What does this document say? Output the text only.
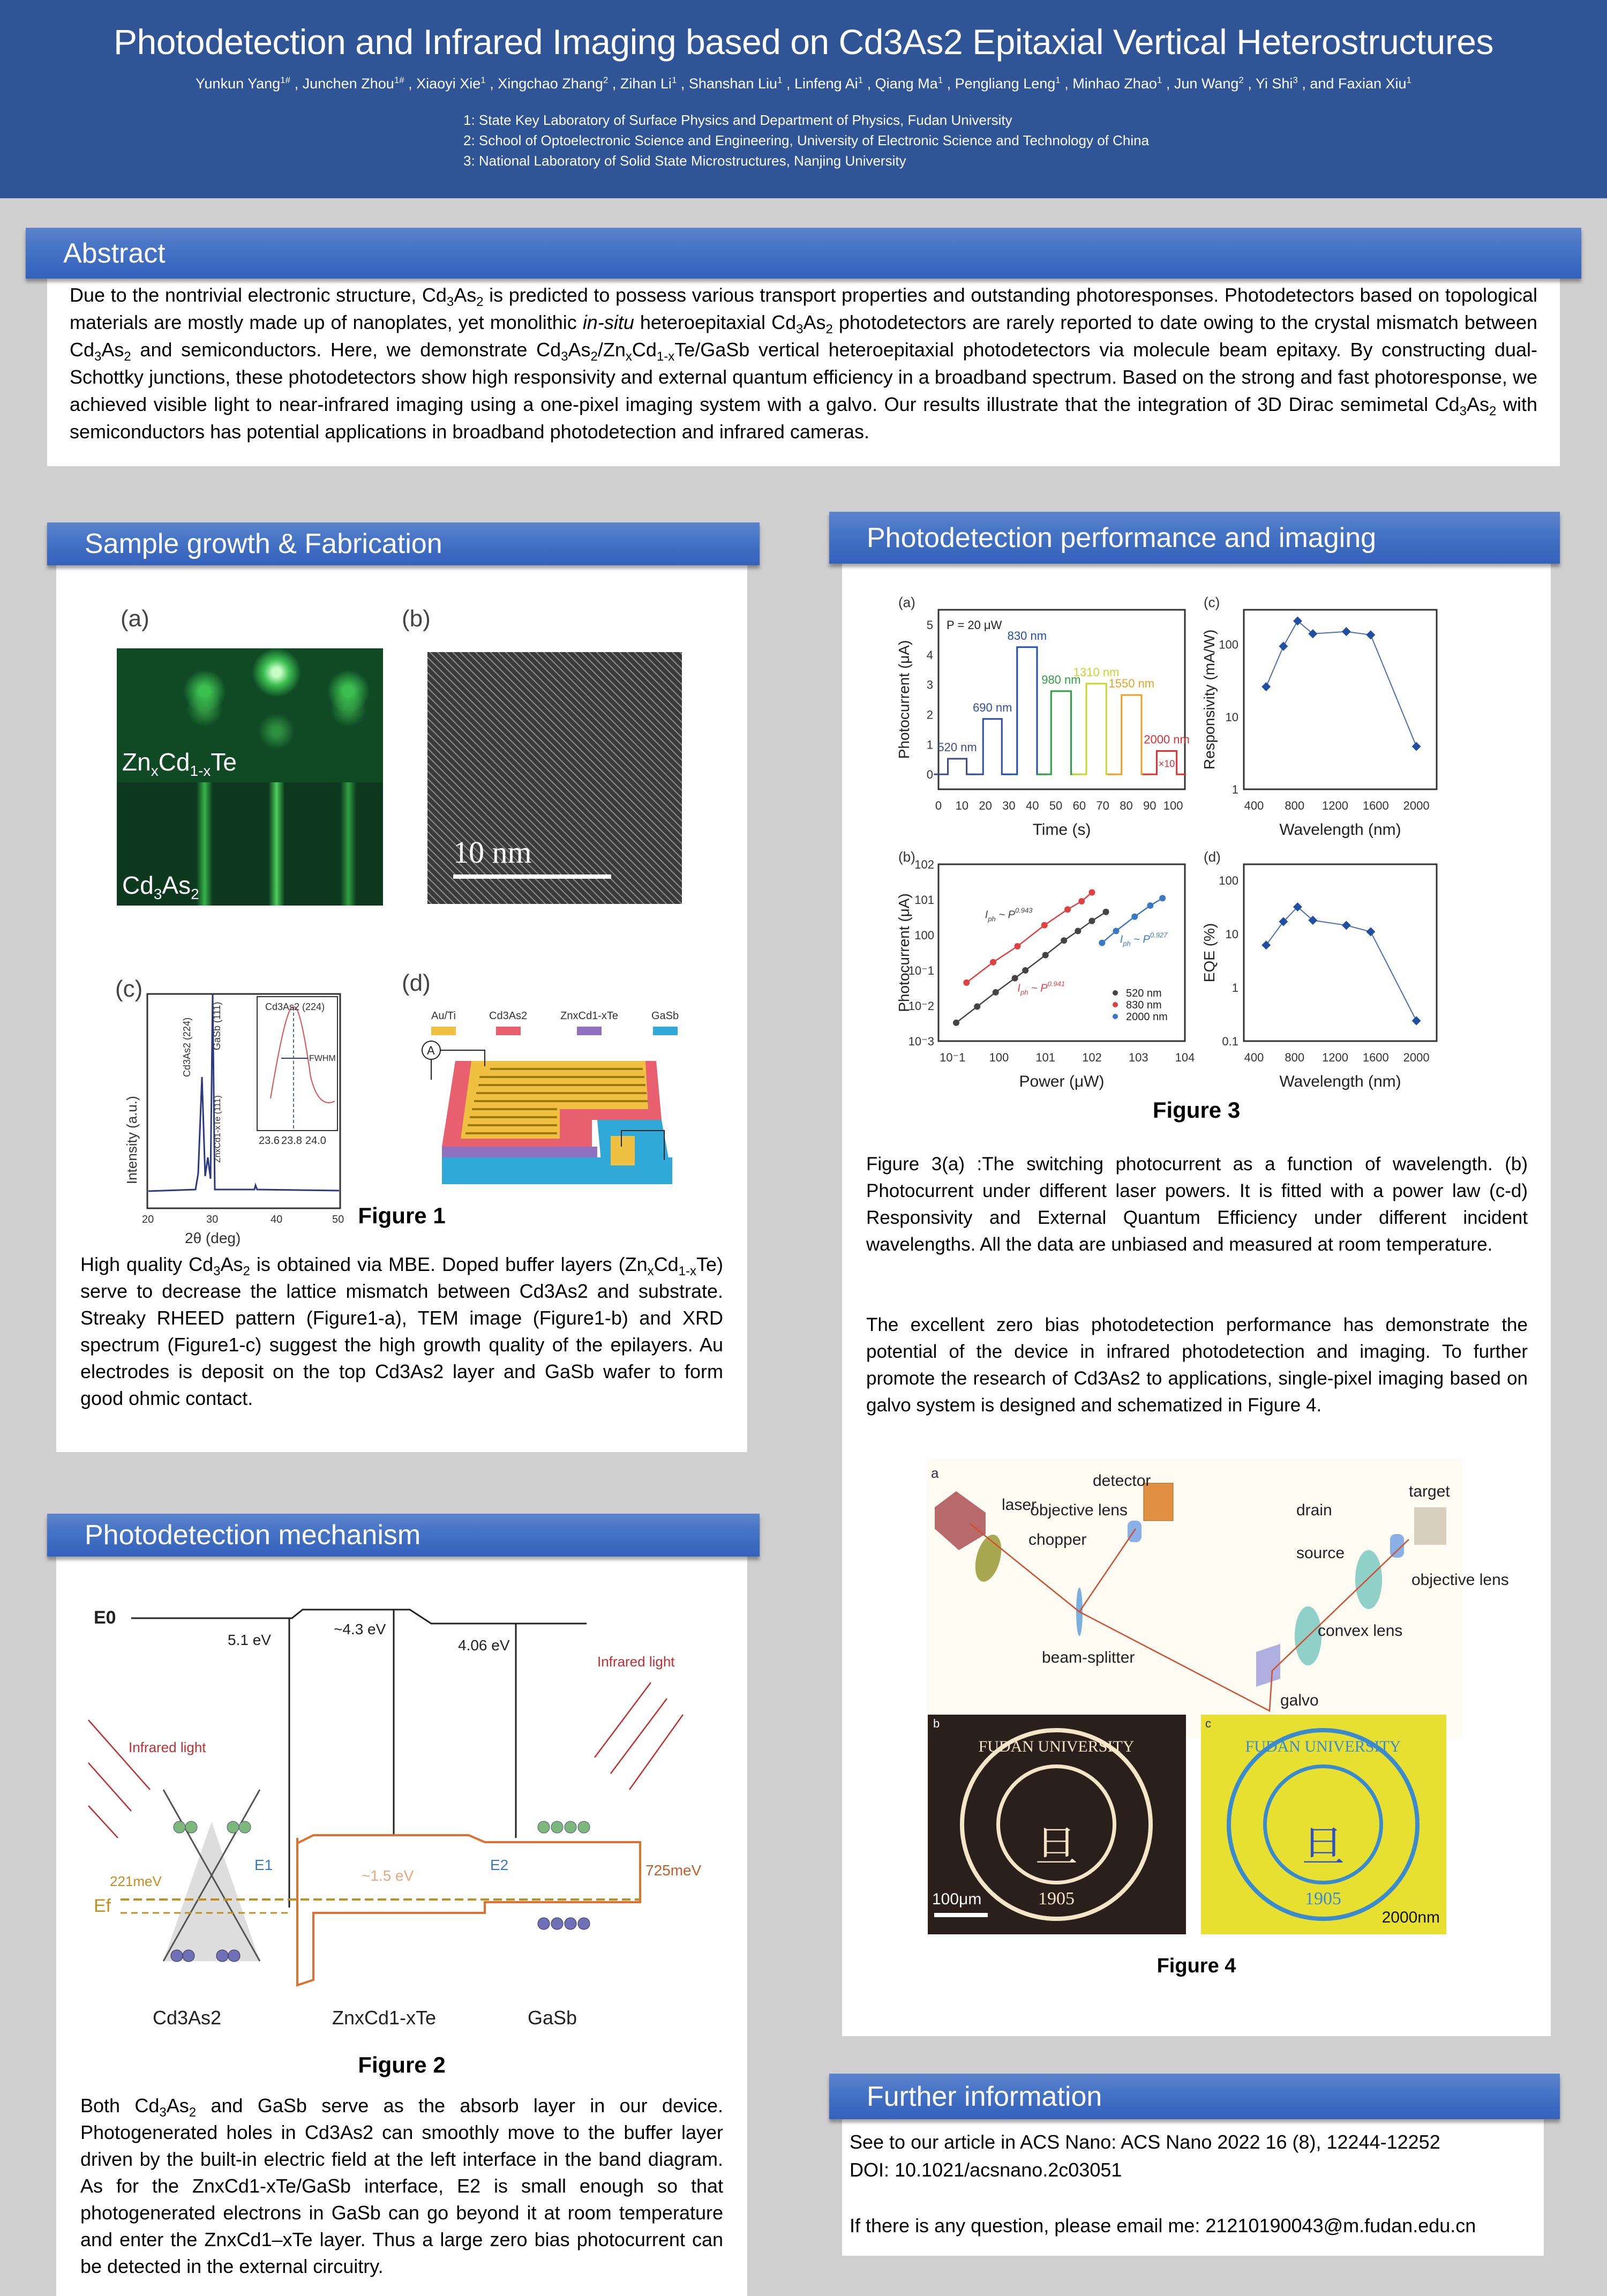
Photodetection and Infrared Imaging based on Cd3As2 Epitaxial Vertical Heterostructures
Yunkun Yang$^{1\#}$ , Junchen Zhou$^{1\#}$ , Xiaoyi Xie$^1$ , Xingchao Zhang$^2$ , Zihan Li$^1$ , Shanshan Liu$^1$ , Linfeng Ai$^1$ , Qiang Ma$^1$ , Pengliang Leng$^1$ , Minhao Zhao$^1$ , Jun Wang$^2$ , Yi Shi$^3$ , and Faxian Xiu$^1$
1: State Key Laboratory of Surface Physics and Department of Physics, Fudan University
2: School of Optoelectronic Science and Engineering, University of Electronic Science and Technology of China
3: National Laboratory of Solid State Microstructures, Nanjing University
Abstract
Due to the nontrivial electronic structure, $Cd_3As_2$ is predicted to possess various transport properties and outstanding photoresponses. Photodetectors based on topological materials are mostly made up of nanoplates, yet monolithic in-situ heteroepitaxial $Cd_3As_2$ photodetectors are rarely reported to date owing to the crystal mismatch between $Cd_3As_2$ and semiconductors. Here, we demonstrate $Cd_3As_2/Zn_xCd_{1-x}Te$/GaSb vertical heteroepitaxial photodetectors via molecule beam epitaxy. By constructing dual-Schottky junctions, these photodetectors show high responsivity and external quantum efficiency in a broadband spectrum. Based on the strong and fast photoresponse, we achieved visible light to near-infrared imaging using a one-pixel imaging system with a galvo. Our results illustrate that the integration of 3D Dirac semimetal $Cd_3As_2$ with semiconductors has potential applications in broadband photodetection and infrared cameras.
Sample growth & Fabrication
(a)
$Zn_xCd_{1-x}Te$
$Cd_3As_2$
(b)
10 nm
(c)
Cd3As2 (224)
FWHM
23.6 23.8 24.0
Cd3As2 (224) GaSb (111)
ZnxCd1-xTe (111)
Intensity (a.u.)
20	30	40	50
2θ (deg)
(d)
Au/Ti	Cd3As2	ZnxCd1-xTe	GaSb
A
Figure 1
High quality $Cd_3As_2$ is obtained via MBE. Doped buffer layers $(Zn_xCd_{1-x}Te)$ serve to decrease the lattice mismatch between Cd3As2 and substrate. Streaky RHEED pattern (Figure1-a), TEM image (Figure1-b) and XRD spectrum (Figure1-c) suggest the high growth quality of the epilayers. Au electrodes is deposit on the top Cd3As2 layer and GaSb wafer to form good ohmic contact.
Photodetection mechanism
E0
5.1 eV
~4.3 eV
4.06 eV
Infrared light
Infrared light
Ef
221meV
E1	E2
~1.5 eV	725meV
Cd3As2	ZnxCd1-xTe	GaSb
Figure 2
Both $Cd_3As_2$ and GaSb serve as the absorb layer in our device. Photogenerated holes in Cd3As2 can smoothly move to the buffer layer driven by the built-in electric field at the left interface in the band diagram. As for the ZnxCd1-xTe/GaSb interface, E2 is small enough so that photogenerated electrons in GaSb can go beyond it at room temperature and enter the ZnxCd1–xTe layer. Thus a large zero bias photocurrent can be detected in the external circuitry.
Photodetection performance and imaging
(a)
Time (s)
Photocurrent (μA)
0 10 20 30 40 50 60 70 80 90 100
0
1
2
3
4
5 P = 20 μW
520 nm
690 nm
830 nm
980 nm
1310 nm
1550 nm
2000 nm
×10
(c)
Wavelength (nm)
Responsivity (mA/W)
400 800 1200 1600 2000
1
10
100
(b)
Power (μW)
Photocurrent (μA)
10⁻1 100 101 102 103 104
10⁻3
10⁻2
10⁻1
100
101
102
$I_{ph}$ ~ $P^{0.943}$
520 nm
$I_{ph}$ ~ $P^{0.941}$
830 nm
$I_{ph}$ ~ $P^{0.927}$
2000 nm
(d)
Wavelength (nm)
EQE (%)
400 800 1200 1600 2000
0.1
1
10
100
Figure 3
Figure 3(a) :The switching photocurrent as a function of wavelength. (b) Photocurrent under different laser powers. It is fitted with a power law (c-d) Responsivity and External Quantum Efficiency under different incident wavelengths. All the data are unbiased and measured at room temperature.
The excellent zero bias photodetection performance has demonstrate the potential of the device in infrared photodetection and imaging. To further promote the research of Cd3As2 to applications, single-pixel imaging based on galvo system is designed and schematized in Figure 4.
a
laser
chopper
beam-splitter
objective lens
detector
drain
source
target
objective lens
convex lens
galvo
b
旦
FUDAN UNIVERSITY
1905
100μm
c
旦
FUDAN UNIVERSITY
1905
2000nm
Figure 4
Further information
See to our article in ACS Nano: ACS Nano 2022 16 (8), 12244-12252
DOI: 10.1021/acsnano.2c03051
If there is any question, please email me: 21210190043@m.fudan.edu.cn
